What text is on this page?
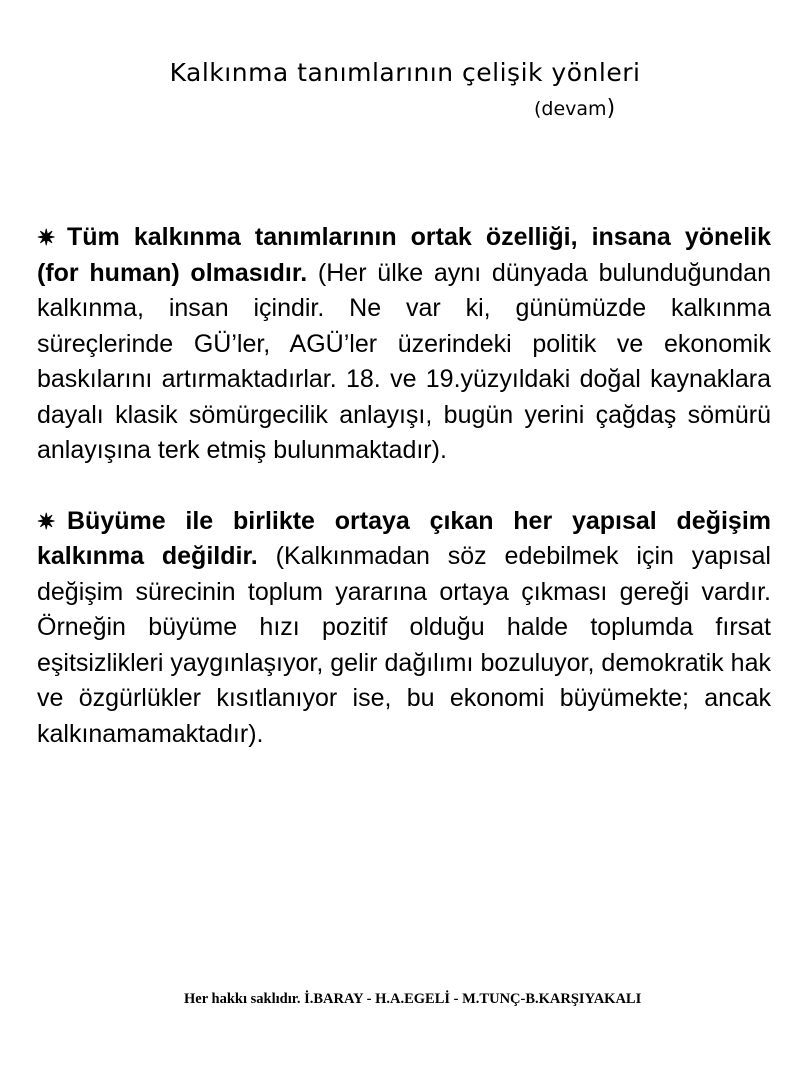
Kalkınma tanımlarının çelişik yönleri
(devam)

✷ Tüm kalkınma tanımlarının ortak özelliği, insana yönelik (for human) olmasıdır. (Her ülke aynı dünyada bulunduğundan kalkınma, insan içindir. Ne var ki, günümüzde kalkınma süreçlerinde GÜ’ler, AGÜ’ler üzerindeki politik ve ekonomik baskılarını artırmaktadırlar. 18. ve 19.yüzyıldaki doğal kaynaklara dayalı klasik sömürgecilik anlayışı, bugün yerini çağdaş sömürü anlayışına terk etmiş bulunmaktadır).

✷ Büyüme ile birlikte ortaya çıkan her yapısal değişim kalkınma değildir. (Kalkınmadan söz edebilmek için yapısal değişim sürecinin toplum yararına ortaya çıkması gereği vardır. Örneğin büyüme hızı pozitif olduğu halde toplumda fırsat eşitsizlikleri yaygınlaşıyor, gelir dağılımı bozuluyor, demokratik hak ve özgürlükler kısıtlanıyor ise, bu ekonomi büyümekte; ancak kalkınamamaktadır).

Her hakkı saklıdır. İ.BARAY - H.A.EGELİ - M.TUNÇ-B.KARŞIYAKALI
